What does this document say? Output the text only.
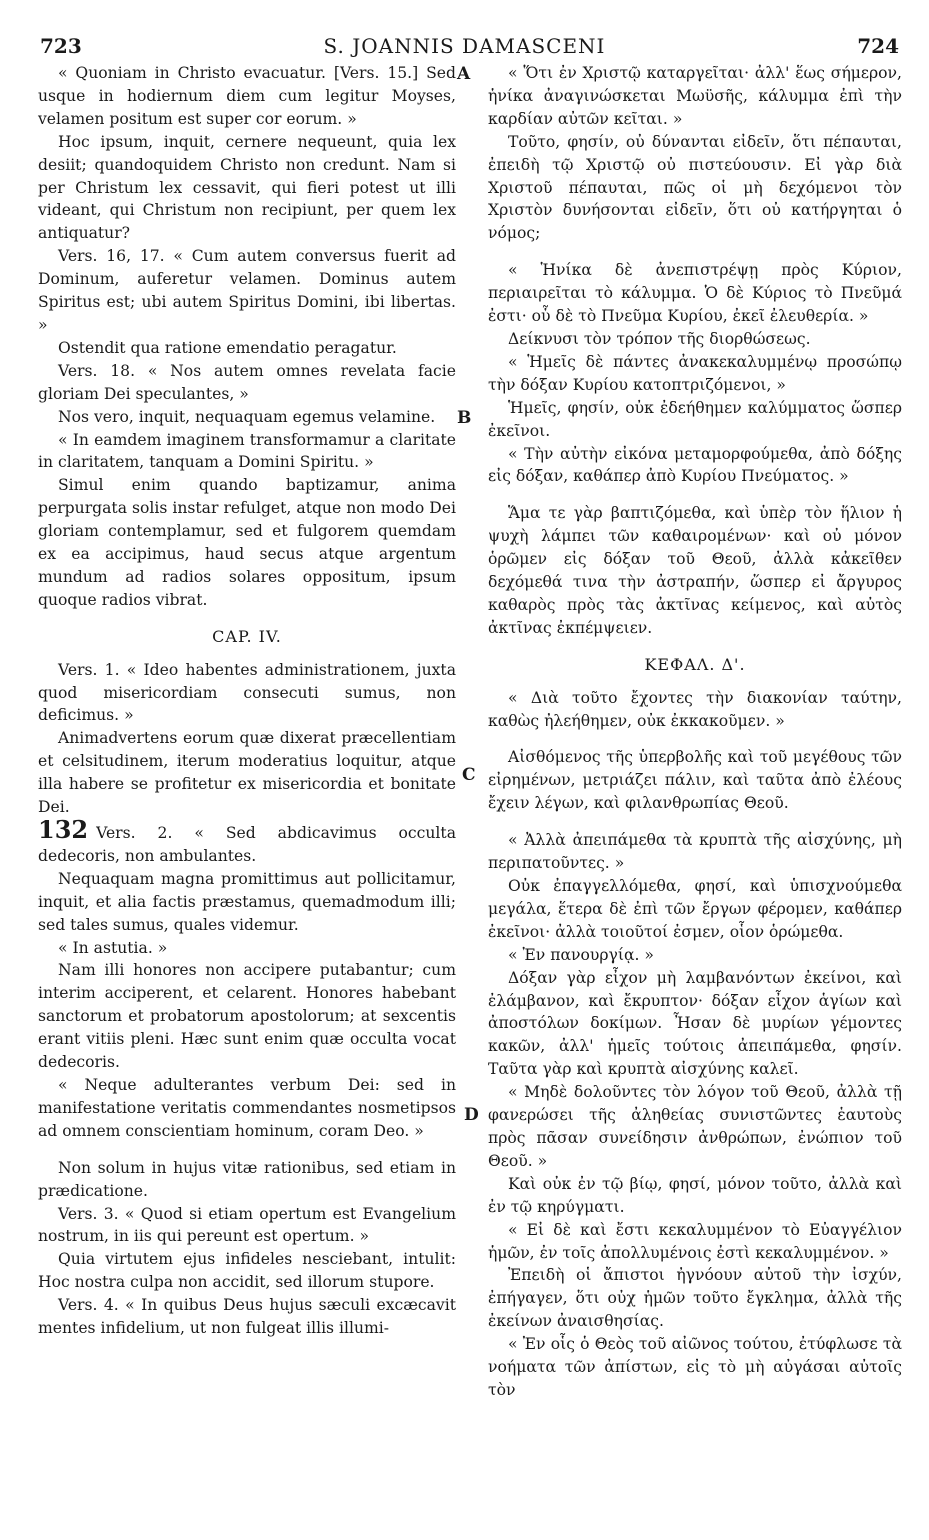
723	S. JOANNIS DAMASCENI	724
A
B
C
D

« Quoniam in Christo evacuatur. [Vers. 15.] Sed usque in hodiernum diem cum legitur Moyses, velamen positum est super cor eorum. »

Hoc ipsum, inquit, cernere nequeunt, quia lex desiit; quandoquidem Christo non credunt. Nam si per Christum lex cessavit, qui fieri potest ut illi videant, qui Christum non recipiunt, per quem lex antiquatur?

Vers. 16, 17. « Cum autem conversus fuerit ad Dominum, auferetur velamen. Dominus autem Spiritus est; ubi autem Spiritus Domini, ibi libertas. »

Ostendit qua ratione emendatio peragatur.

Vers. 18. « Nos autem omnes revelata facie gloriam Dei speculantes, »

Nos vero, inquit, nequaquam egemus velamine.

« In eamdem imaginem transformamur a claritate in claritatem, tanquam a Domini Spiritu. »

Simul enim quando baptizamur, anima perpurgata solis instar refulget, atque non modo Dei gloriam contemplamur, sed et fulgorem quemdam ex ea accipimus, haud secus atque argentum mundum ad radios solares oppositum, ipsum quoque radios vibrat.

CAP. IV.

Vers. 1. « Ideo habentes administrationem, juxta quod misericordiam consecuti sumus, non deficimus. »

Animadvertens eorum quæ dixerat præcellentiam et celsitudinem, iterum moderatius loquitur, atque illa habere se profitetur ex misericordia et bonitate Dei.

132 Vers. 2. « Sed abdicavimus occulta dedecoris, non ambulantes.

Nequaquam magna promittimus aut pollicitamur, inquit, et alia factis præstamus, quemadmodum illi; sed tales sumus, quales videmur.

« In astutia. »

Nam illi honores non accipere putabantur; cum interim acciperent, et celarent. Honores habebant sanctorum et probatorum apostolorum; at sexcentis erant vitiis pleni. Hæc sunt enim quæ occulta vocat dedecoris.

« Neque adulterantes verbum Dei: sed in manifestatione veritatis commendantes nosmetipsos ad omnem conscientiam hominum, coram Deo. »

Non solum in hujus vitæ rationibus, sed etiam in prædicatione.

Vers. 3. « Quod si etiam opertum est Evangelium nostrum, in iis qui pereunt est opertum. »

Quia virtutem ejus infideles nesciebant, intulit: Hoc nostra culpa non accidit, sed illorum stupore.

Vers. 4. « In quibus Deus hujus sæculi excæcavit mentes infidelium, ut non fulgeat illis illumi-

« Ὅτι ἐν Χριστῷ καταργεῖται· ἀλλ' ἕως σήμερον, ἡνίκα ἀναγινώσκεται Μωϋσῆς, κάλυμμα ἐπὶ τὴν καρδίαν αὐτῶν κεῖται. »

Τοῦτο, φησίν, οὐ δύνανται εἰδεῖν, ὅτι πέπαυται, ἐπειδὴ τῷ Χριστῷ οὐ πιστεύουσιν. Εἰ γὰρ διὰ Χριστοῦ πέπαυται, πῶς οἱ μὴ δεχόμενοι τὸν Χριστὸν δυνήσονται εἰδεῖν, ὅτι οὐ κατήργηται ὁ νόμος;

« Ἡνίκα δὲ ἀνεπιστρέψῃ πρὸς Κύριον, περιαιρεῖται τὸ κάλυμμα. Ὁ δὲ Κύριος τὸ Πνεῦμά ἐστι· οὗ δὲ τὸ Πνεῦμα Κυρίου, ἐκεῖ ἐλευθερία. »

Δείκνυσι τὸν τρόπον τῆς διορθώσεως.

« Ἡμεῖς δὲ πάντες ἀνακεκαλυμμένῳ προσώπῳ τὴν δόξαν Κυρίου κατοπτριζόμενοι, »

Ἡμεῖς, φησίν, οὐκ ἐδεήθημεν καλύμματος ὥσπερ ἐκεῖνοι.

« Τὴν αὐτὴν εἰκόνα μεταμορφούμεθα, ἀπὸ δόξης εἰς δόξαν, καθάπερ ἀπὸ Κυρίου Πνεύματος. »

Ἅμα τε γὰρ βαπτιζόμεθα, καὶ ὑπὲρ τὸν ἥλιον ἡ ψυχὴ λάμπει τῶν καθαιρομένων· καὶ οὐ μόνον ὁρῶμεν εἰς δόξαν τοῦ Θεοῦ, ἀλλὰ κἀκεῖθεν δεχόμεθά τινα τὴν ἀστραπήν, ὥσπερ εἰ ἄργυρος καθαρὸς πρὸς τὰς ἀκτῖνας κείμενος, καὶ αὐτὸς ἀκτῖνας ἐκπέμψειεν.

ΚΕΦΑΛ. Δ'.

« Διὰ τοῦτο ἔχοντες τὴν διακονίαν ταύτην, καθὼς ἠλεήθημεν, οὐκ ἐκκακοῦμεν. »

Αἰσθόμενος τῆς ὑπερβολῆς καὶ τοῦ μεγέθους τῶν εἰρημένων, μετριάζει πάλιν, καὶ ταῦτα ἀπὸ ἐλέους ἔχειν λέγων, καὶ φιλανθρωπίας Θεοῦ.

« Ἀλλὰ ἀπειπάμεθα τὰ κρυπτὰ τῆς αἰσχύνης, μὴ περιπατοῦντες. »

Οὐκ ἐπαγγελλόμεθα, φησί, καὶ ὑπισχνούμεθα μεγάλα, ἕτερα δὲ ἐπὶ τῶν ἔργων φέρομεν, καθάπερ ἐκεῖνοι· ἀλλὰ τοιοῦτοί ἐσμεν, οἷον ὁρώμεθα.

« Ἐν πανουργίᾳ. »

Δόξαν γὰρ εἶχον μὴ λαμβανόντων ἐκείνοι, καὶ ἐλάμβανον, καὶ ἔκρυπτον· δόξαν εἶχον ἁγίων καὶ ἀποστόλων δοκίμων. Ἦσαν δὲ μυρίων γέμοντες κακῶν, ἀλλ' ἡμεῖς τούτοις ἀπειπάμεθα, φησίν. Ταῦτα γὰρ καὶ κρυπτὰ αἰσχύνης καλεῖ.

« Μηδὲ δολοῦντες τὸν λόγον τοῦ Θεοῦ, ἀλλὰ τῇ φανερώσει τῆς ἀληθείας συνιστῶντες ἑαυτοὺς πρὸς πᾶσαν συνείδησιν ἀνθρώπων, ἐνώπιον τοῦ Θεοῦ. »

Καὶ οὐκ ἐν τῷ βίῳ, φησί, μόνον τοῦτο, ἀλλὰ καὶ ἐν τῷ κηρύγματι.

« Εἰ δὲ καὶ ἔστι κεκαλυμμένον τὸ Εὐαγγέλιον ἡμῶν, ἐν τοῖς ἀπολλυμένοις ἐστὶ κεκαλυμμένον. »

Ἐπειδὴ οἱ ἄπιστοι ἠγνόουν αὐτοῦ τὴν ἰσχύν, ἐπήγαγεν, ὅτι οὐχ ἡμῶν τοῦτο ἔγκλημα, ἀλλὰ τῆς ἐκείνων ἀναισθησίας.

« Ἐν οἷς ὁ Θεὸς τοῦ αἰῶνος τούτου, ἐτύφλωσε τὰ νοήματα τῶν ἀπίστων, εἰς τὸ μὴ αὐγάσαι αὐτοῖς τὸν
